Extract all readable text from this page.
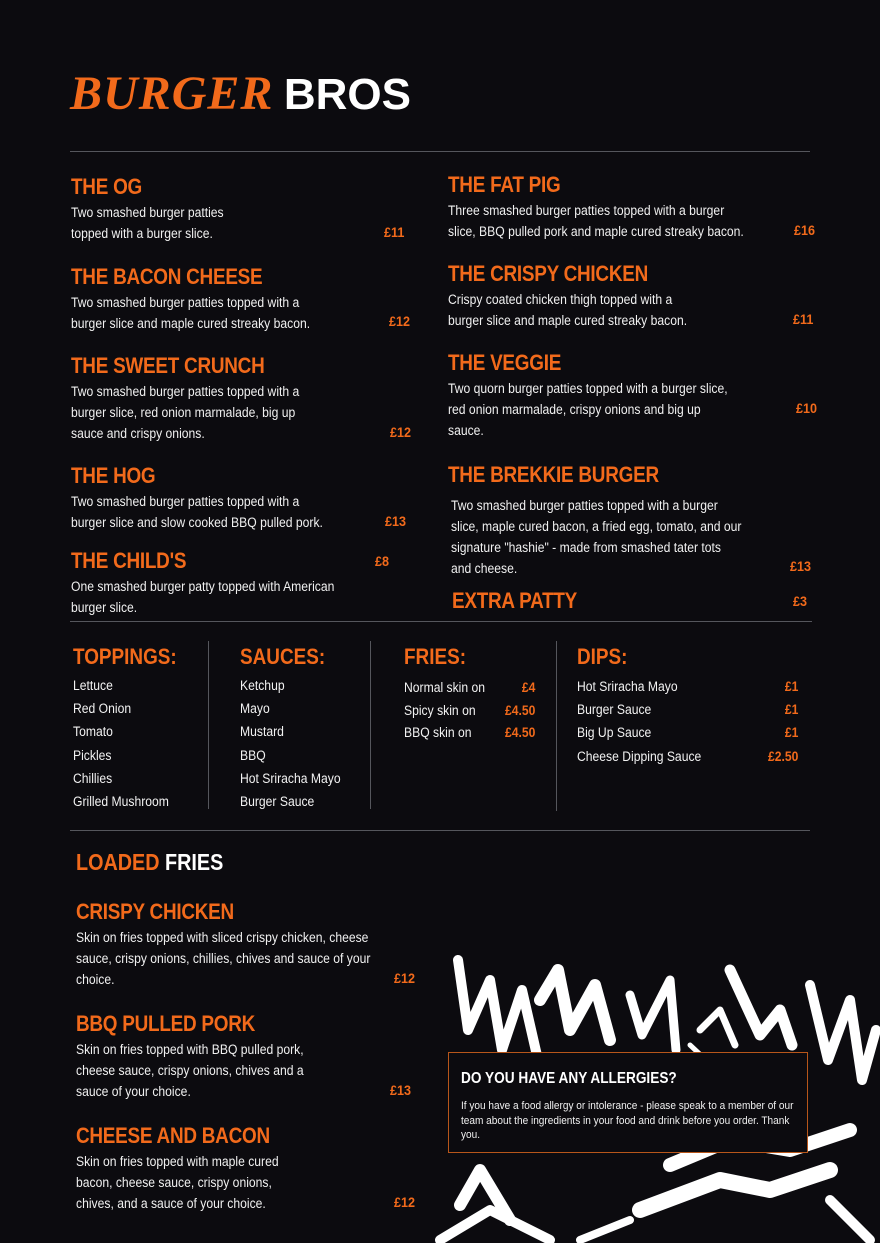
BURGER BROS
THE OG
Two smashed burger patties
topped with a burger slice.	£11
THE BACON CHEESE
Two smashed burger patties topped with a
burger slice and maple cured streaky bacon.	£12
THE SWEET CRUNCH
Two smashed burger patties topped with a
burger slice, red onion marmalade, big up
sauce and crispy onions.	£12
THE HOG
Two smashed burger patties topped with a
burger slice and slow cooked BBQ pulled pork.	£13
THE CHILD'S
One smashed burger patty topped with American
burger slice.
£8
THE FAT PIG
Three smashed burger patties topped with a burger
slice, BBQ pulled pork and maple cured streaky bacon.	£16
THE CRISPY CHICKEN
Crispy coated chicken thigh topped with a
burger slice and maple cured streaky bacon.	£11
THE VEGGIE
Two quorn burger patties topped with a burger slice,
red onion marmalade, crispy onions and big up
sauce.
£10
THE BREKKIE BURGER
Two smashed burger patties topped with a burger
slice, maple cured bacon, a fried egg, tomato, and our
signature "hashie" - made from smashed tater tots
and cheese.	£13
EXTRA PATTY	£3
TOPPINGS:
Lettuce
Red Onion
Tomato
Pickles
Chillies
Grilled Mushroom
SAUCES:
Ketchup
Mayo
Mustard
BBQ
Hot Sriracha Mayo
Burger Sauce
FRIES:
Normal skin on	£4
Spicy skin on £4.50
BBQ skin on £4.50
DIPS:
Hot Sriracha Mayo	£1
Burger Sauce	£1
Big Up Sauce	£1
Cheese Dipping Sauce	£2.50
LOADED FRIES
CRISPY CHICKEN
Skin on fries topped with sliced crispy chicken, cheese
sauce, crispy onions, chillies, chives and sauce of your
choice.	£12
BBQ PULLED PORK
Skin on fries topped with BBQ pulled pork,
cheese sauce, crispy onions, chives and a
sauce of your choice.	£13
CHEESE AND BACON
Skin on fries topped with maple cured
bacon, cheese sauce, crispy onions,
chives, and a sauce of your choice.	£12
DO YOU HAVE ANY ALLERGIES?

If you have a food allergy or intolerance - please speak to a member of our team about the ingredients in your food and drink before you order. Thank you.
